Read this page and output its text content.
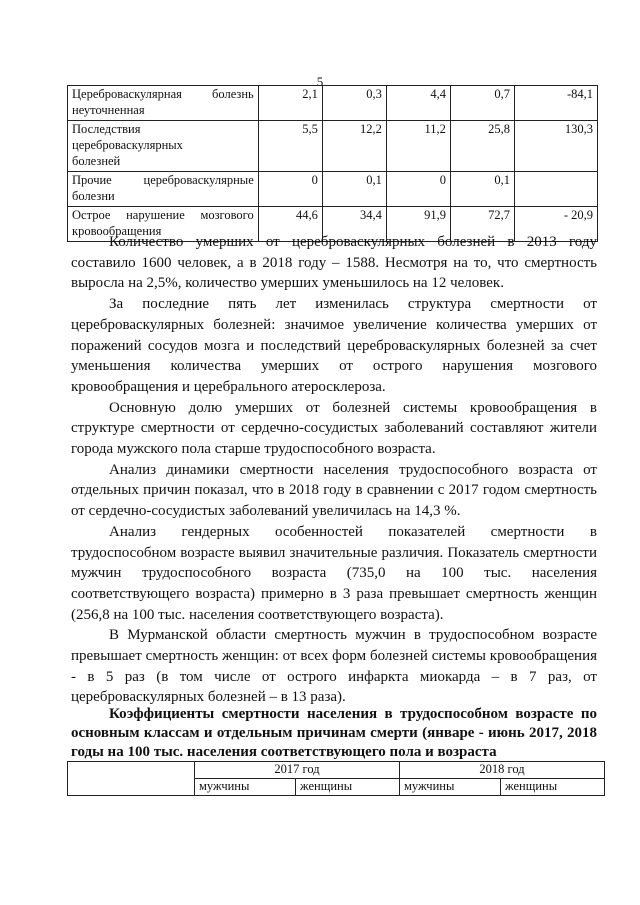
5
Цереброваскулярная болезнь
неуточненная	2,1	0,3	4,4	0,7	-84,1

Последствия цереброваскулярных
болезней	5,5	12,2	11,2	25,8	130,3

Прочие цереброваскулярные
болезни	0	0,1	0	0,1	

Острое нарушение мозгового
кровообращения	44,6	34,4	91,9	72,7	- 20,9

Количество умерших от цереброваскулярных болезней в 2013 году составило 1600 человек, а в 2018 году – 1588. Несмотря на то, что смертность выросла на 2,5%, количество умерших уменьшилось на 12 человек.

За последние пять лет изменилась структура смертности от цереброваскулярных болезней: значимое увеличение количества умерших от поражений сосудов мозга и последствий цереброваскулярных болезней за счет уменьшения количества умерших от острого нарушения мозгового кровообращения и церебрального атеросклероза.

Основную долю умерших от болезней системы кровообращения в структуре смертности от сердечно-сосудистых заболеваний составляют жители города мужского пола старше трудоспособного возраста.

Анализ динамики смертности населения трудоспособного возраста от отдельных причин показал, что в 2018 году в сравнении с 2017 годом смертность от сердечно-сосудистых заболеваний увеличилась на 14,3 %.

Анализ гендерных особенностей показателей смертности в трудоспособном возрасте выявил значительные различия. Показатель смертности мужчин трудоспособного возраста (735,0 на 100 тыс. населения соответствующего возраста) примерно в 3 раза превышает смертность женщин (256,8 на 100 тыс. населения соответствующего возраста).

В Мурманской области смертность мужчин в трудоспособном возрасте превышает смертность женщин: от всех форм болезней системы кровообращения - в 5 раз (в том числе от острого инфаркта миокарда – в 7 раз, от цереброваскулярных болезней – в 13 раза).

Коэффициенты смертности населения в трудоспособном возрасте по основным классам и отдельным причинам смерти (январе - июнь 2017, 2018 годы на 100 тыс. населения соответствующего пола и возраста

	2017 год		2018 год	
	мужчины	женщины	мужчины	женщины
